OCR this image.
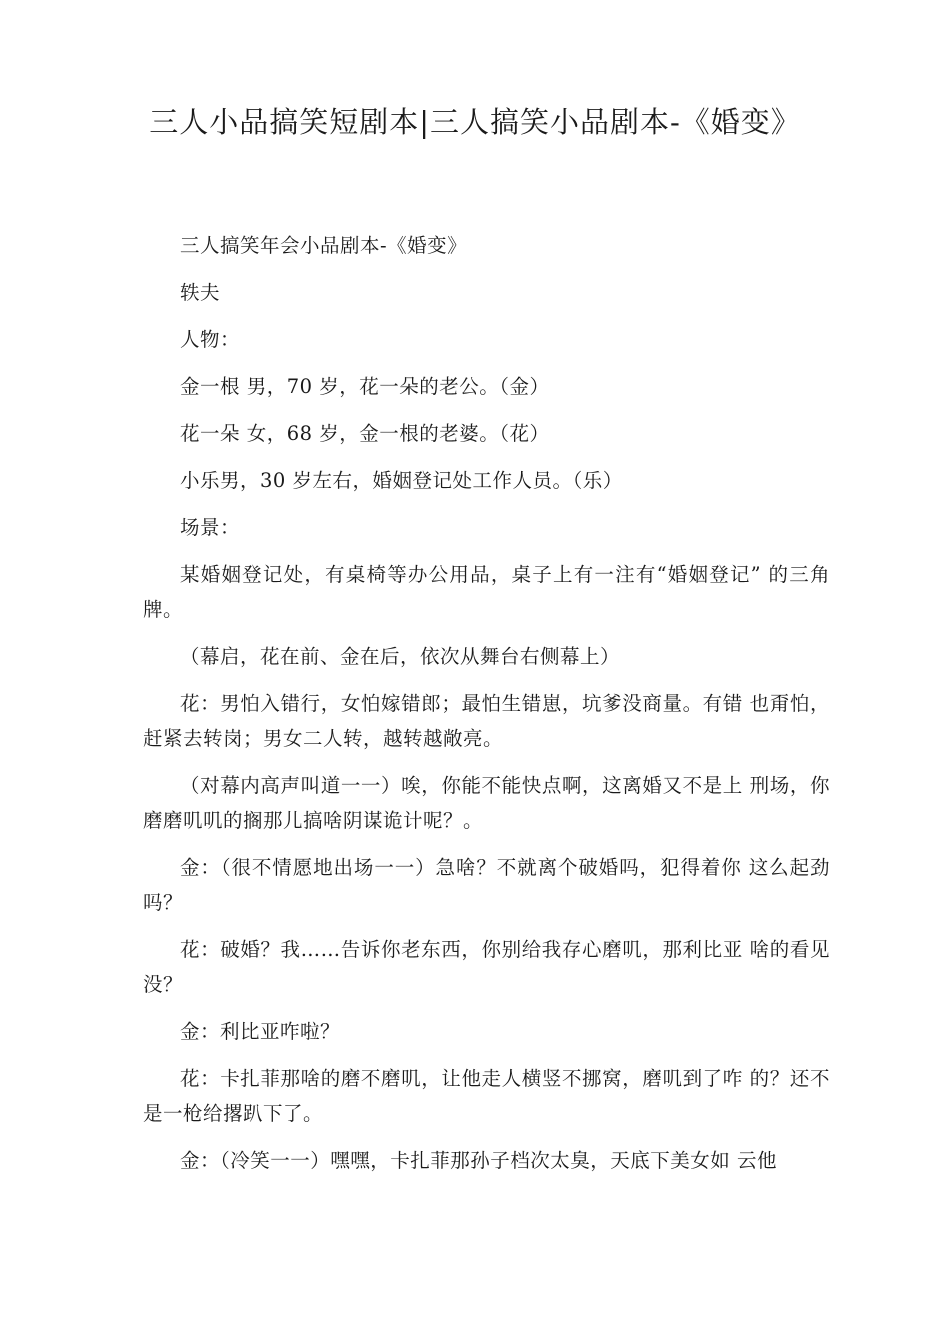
三人小品搞笑短剧本|三人搞笑小品剧本-《婚变》

三人搞笑年会小品剧本-《婚变》

轶夫

人物：

金一根 男，70 岁，花一朵的老公。（金）

花一朵 女，68 岁，金一根的老婆。（花）

小乐男，30 岁左右，婚姻登记处工作人员。（乐）

场景：

某婚姻登记处，有桌椅等办公用品，桌子上有一注有“婚姻登记” 的三角牌。

（幕启，花在前、金在后，依次从舞台右侧幕上）

花：男怕入错行，女怕嫁错郎；最怕生错崽，坑爹没商量。有错 也甭怕，赶紧去转岗；男女二人转，越转越敞亮。

（对幕内高声叫道一一）唉，你能不能快点啊，这离婚又不是上 刑场，你磨磨叽叽的搁那儿搞啥阴谋诡计呢？。

金：（很不情愿地出场一一）急啥？不就离个破婚吗，犯得着你 这么起劲吗？

花：破婚？我……告诉你老东西，你别给我存心磨叽，那利比亚 啥的看见没？

金：利比亚咋啦？

花：卡扎菲那啥的磨不磨叽，让他走人横竖不挪窝，磨叽到了咋 的？还不是一枪给撂趴下了。

金：（冷笑一一）嘿嘿，卡扎菲那孙子档次太臭，天底下美女如 云他
